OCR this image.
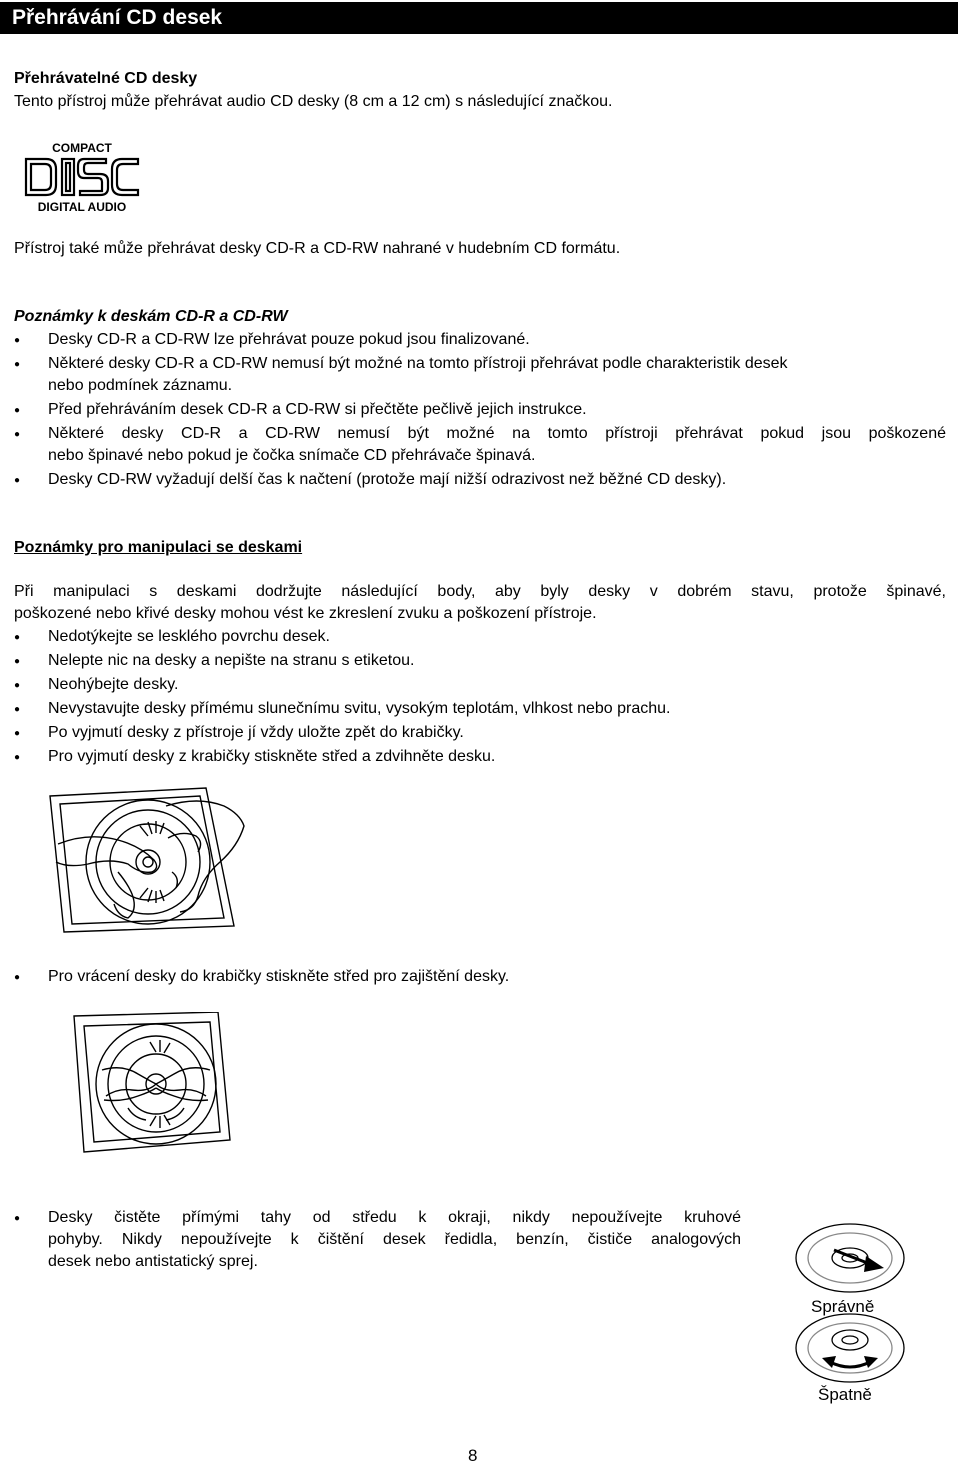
Přehrávání CD desek
Přehrávatelné CD desky
Tento přístroj může přehrávat audio CD desky (8 cm a 12 cm) s následující značkou.
COMPACT
DIGITAL AUDIO
Přístroj také může přehrávat desky CD-R a CD-RW nahrané v hudebním CD formátu.
Poznámky k deskám CD-R a CD-RW
● Desky CD-R a CD-RW lze přehrávat pouze pokud jsou finalizované.
● Některé desky CD-R a CD-RW nemusí být možné na tomto přístroji přehrávat podle charakteristik desek
nebo podmínek záznamu.
● Před přehráváním desek CD-R a CD-RW si přečtěte pečlivě jejich instrukce.
● Některé desky CD-R a CD-RW nemusí být možné na tomto přístroji přehrávat pokud jsou poškozené
nebo špinavé nebo pokud je čočka snímače CD přehrávače špinavá.
● Desky CD-RW vyžadují delší čas k načtení (protože mají nižší odrazivost než běžné CD desky).
Poznámky pro manipulaci se deskami
Při manipulaci s deskami dodržujte následující body, aby byly desky v dobrém stavu, protože špinavé,
poškozené nebo křivé desky mohou vést ke zkreslení zvuku a poškození přístroje.
● Nedotýkejte se lesklého povrchu desek.
● Nelepte nic na desky a nepište na stranu s etiketou.
● Neohýbejte desky.
● Nevystavujte desky přímému slunečnímu svitu, vysokým teplotám, vlhkost nebo prachu.
● Po vyjmutí desky z přístroje jí vždy uložte zpět do krabičky.
● Pro vyjmutí desky z krabičky stiskněte střed a zdvihněte desku.
● Pro vrácení desky do krabičky stiskněte střed pro zajištění desky.
● Desky čistěte přímými tahy od středu k okraji, nikdy nepoužívejte kruhové
pohyby. Nikdy nepoužívejte k čištění desek ředidla, benzín, čističe analogových
desek nebo antistatický sprej.
Správně
Špatně
8
